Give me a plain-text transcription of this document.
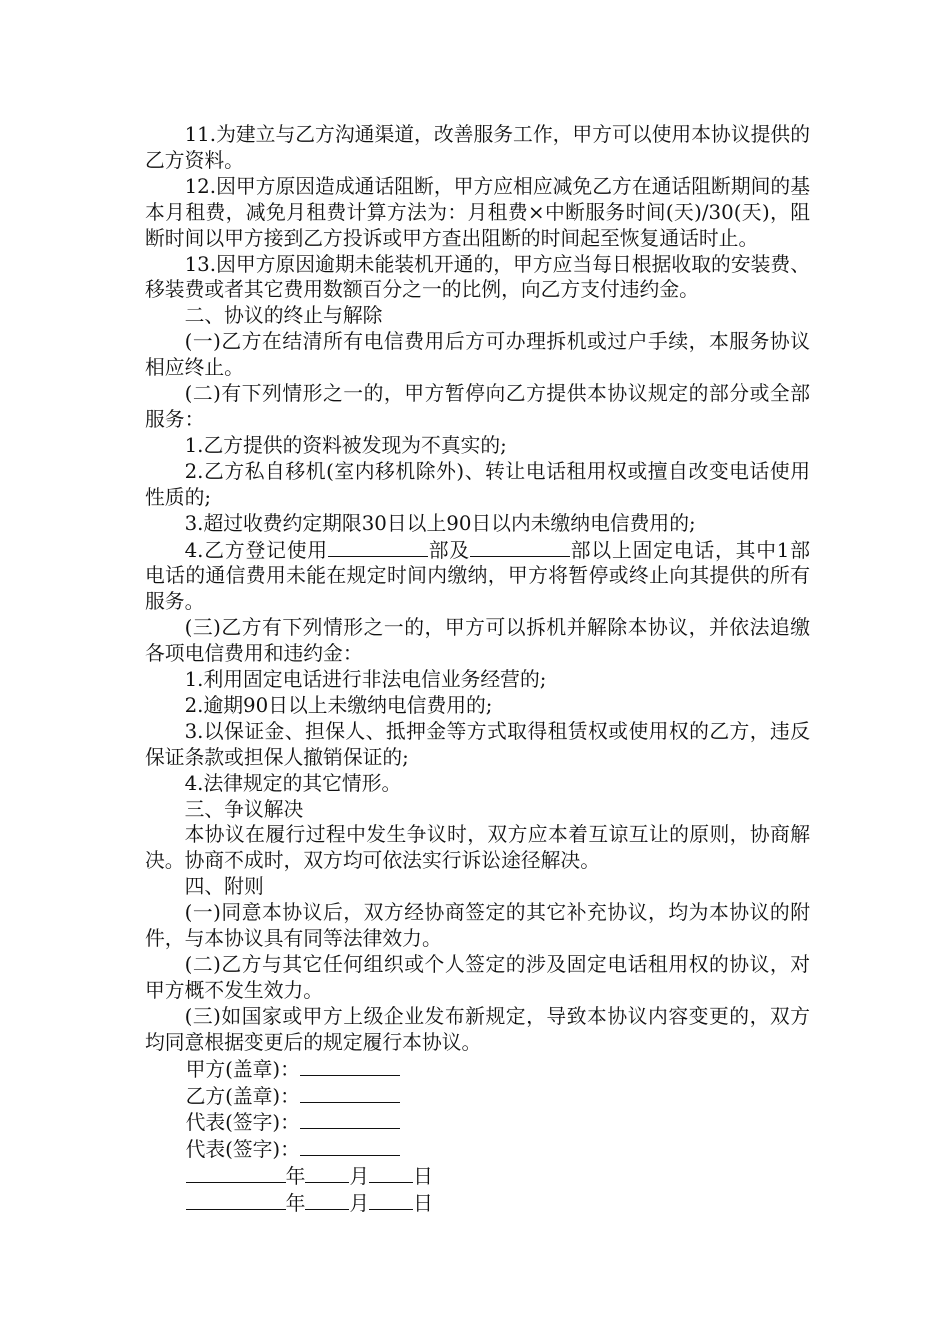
11.为建立与乙方沟通渠道，改善服务工作，甲方可以使用本协议提供的乙方资料。

12.因甲方原因造成通话阻断，甲方应相应减免乙方在通话阻断期间的基本月租费，减免月租费计算方法为：月租费×中断服务时间(天)/30(天)，阻断时间以甲方接到乙方投诉或甲方查出阻断的时间起至恢复通话时止。

13.因甲方原因逾期未能装机开通的，甲方应当每日根据收取的安装费、移装费或者其它费用数额百分之一的比例，向乙方支付违约金。

二、协议的终止与解除

(一)乙方在结清所有电信费用后方可办理拆机或过户手续，本服务协议相应终止。

(二)有下列情形之一的，甲方暂停向乙方提供本协议规定的部分或全部服务：

1.乙方提供的资料被发现为不真实的;

2.乙方私自移机(室内移机除外)、转让电话租用权或擅自改变电话使用性质的;

3.超过收费约定期限30日以上90日以内未缴纳电信费用的;

4.乙方登记使用	部及	部以上固定电话，其中1部电话的通信费用未能在规定时间内缴纳，甲方将暂停或终止向其提供的所有服务。

(三)乙方有下列情形之一的，甲方可以拆机并解除本协议，并依法追缴各项电信费用和违约金：

1.利用固定电话进行非法电信业务经营的;

2.逾期90日以上未缴纳电信费用的;

3.以保证金、担保人、抵押金等方式取得租赁权或使用权的乙方，违反保证条款或担保人撤销保证的;

4.法律规定的其它情形。

三、争议解决

本协议在履行过程中发生争议时，双方应本着互谅互让的原则，协商解决。协商不成时，双方均可依法实行诉讼途径解决。

四、附则

(一)同意本协议后，双方经协商签定的其它补充协议，均为本协议的附件，与本协议具有同等法律效力。

(二)乙方与其它任何组织或个人签定的涉及固定电话租用权的协议，对甲方概不发生效力。

(三)如国家或甲方上级企业发布新规定，导致本协议内容变更的，双方均同意根据变更后的规定履行本协议。

甲方(盖章)：

乙方(盖章)：

代表(签字)：

代表(签字)：

年 月 日

年 月 日
